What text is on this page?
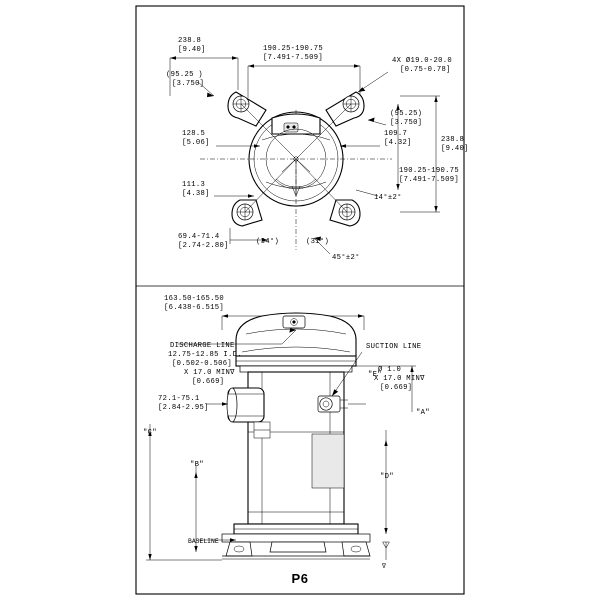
238.8
[9.40]	190.25-190.75
[7.491-7.509]	4X Ø19.0-20.0
[0.75-0.78]
(95.25 )
[3.750]
(95.25)
[3.750]
128.5
[5.06]
109.7
[4.32]	238.8
[9.40]
111.3
[4.38]
190.25-190.75
[7.491-7.509]
69.4-71.4
[2.74-2.80]	(34°)	(31°)
45°±2°
14°±2°
163.50-165.50
[6.438-6.515]
DISCHARGE LINE
12.75-12.85 I.D.
[0.502-0.506]
X 17.0 MIN∇
[0.669]
SUCTION LINE
Ø 1.0
X 17.0 MIN∇
[0.669]
72.1-75.1
[2.84-2.95]
"A"
"B"
"C"
"D"
"E"
BASELINE
∇
P6
